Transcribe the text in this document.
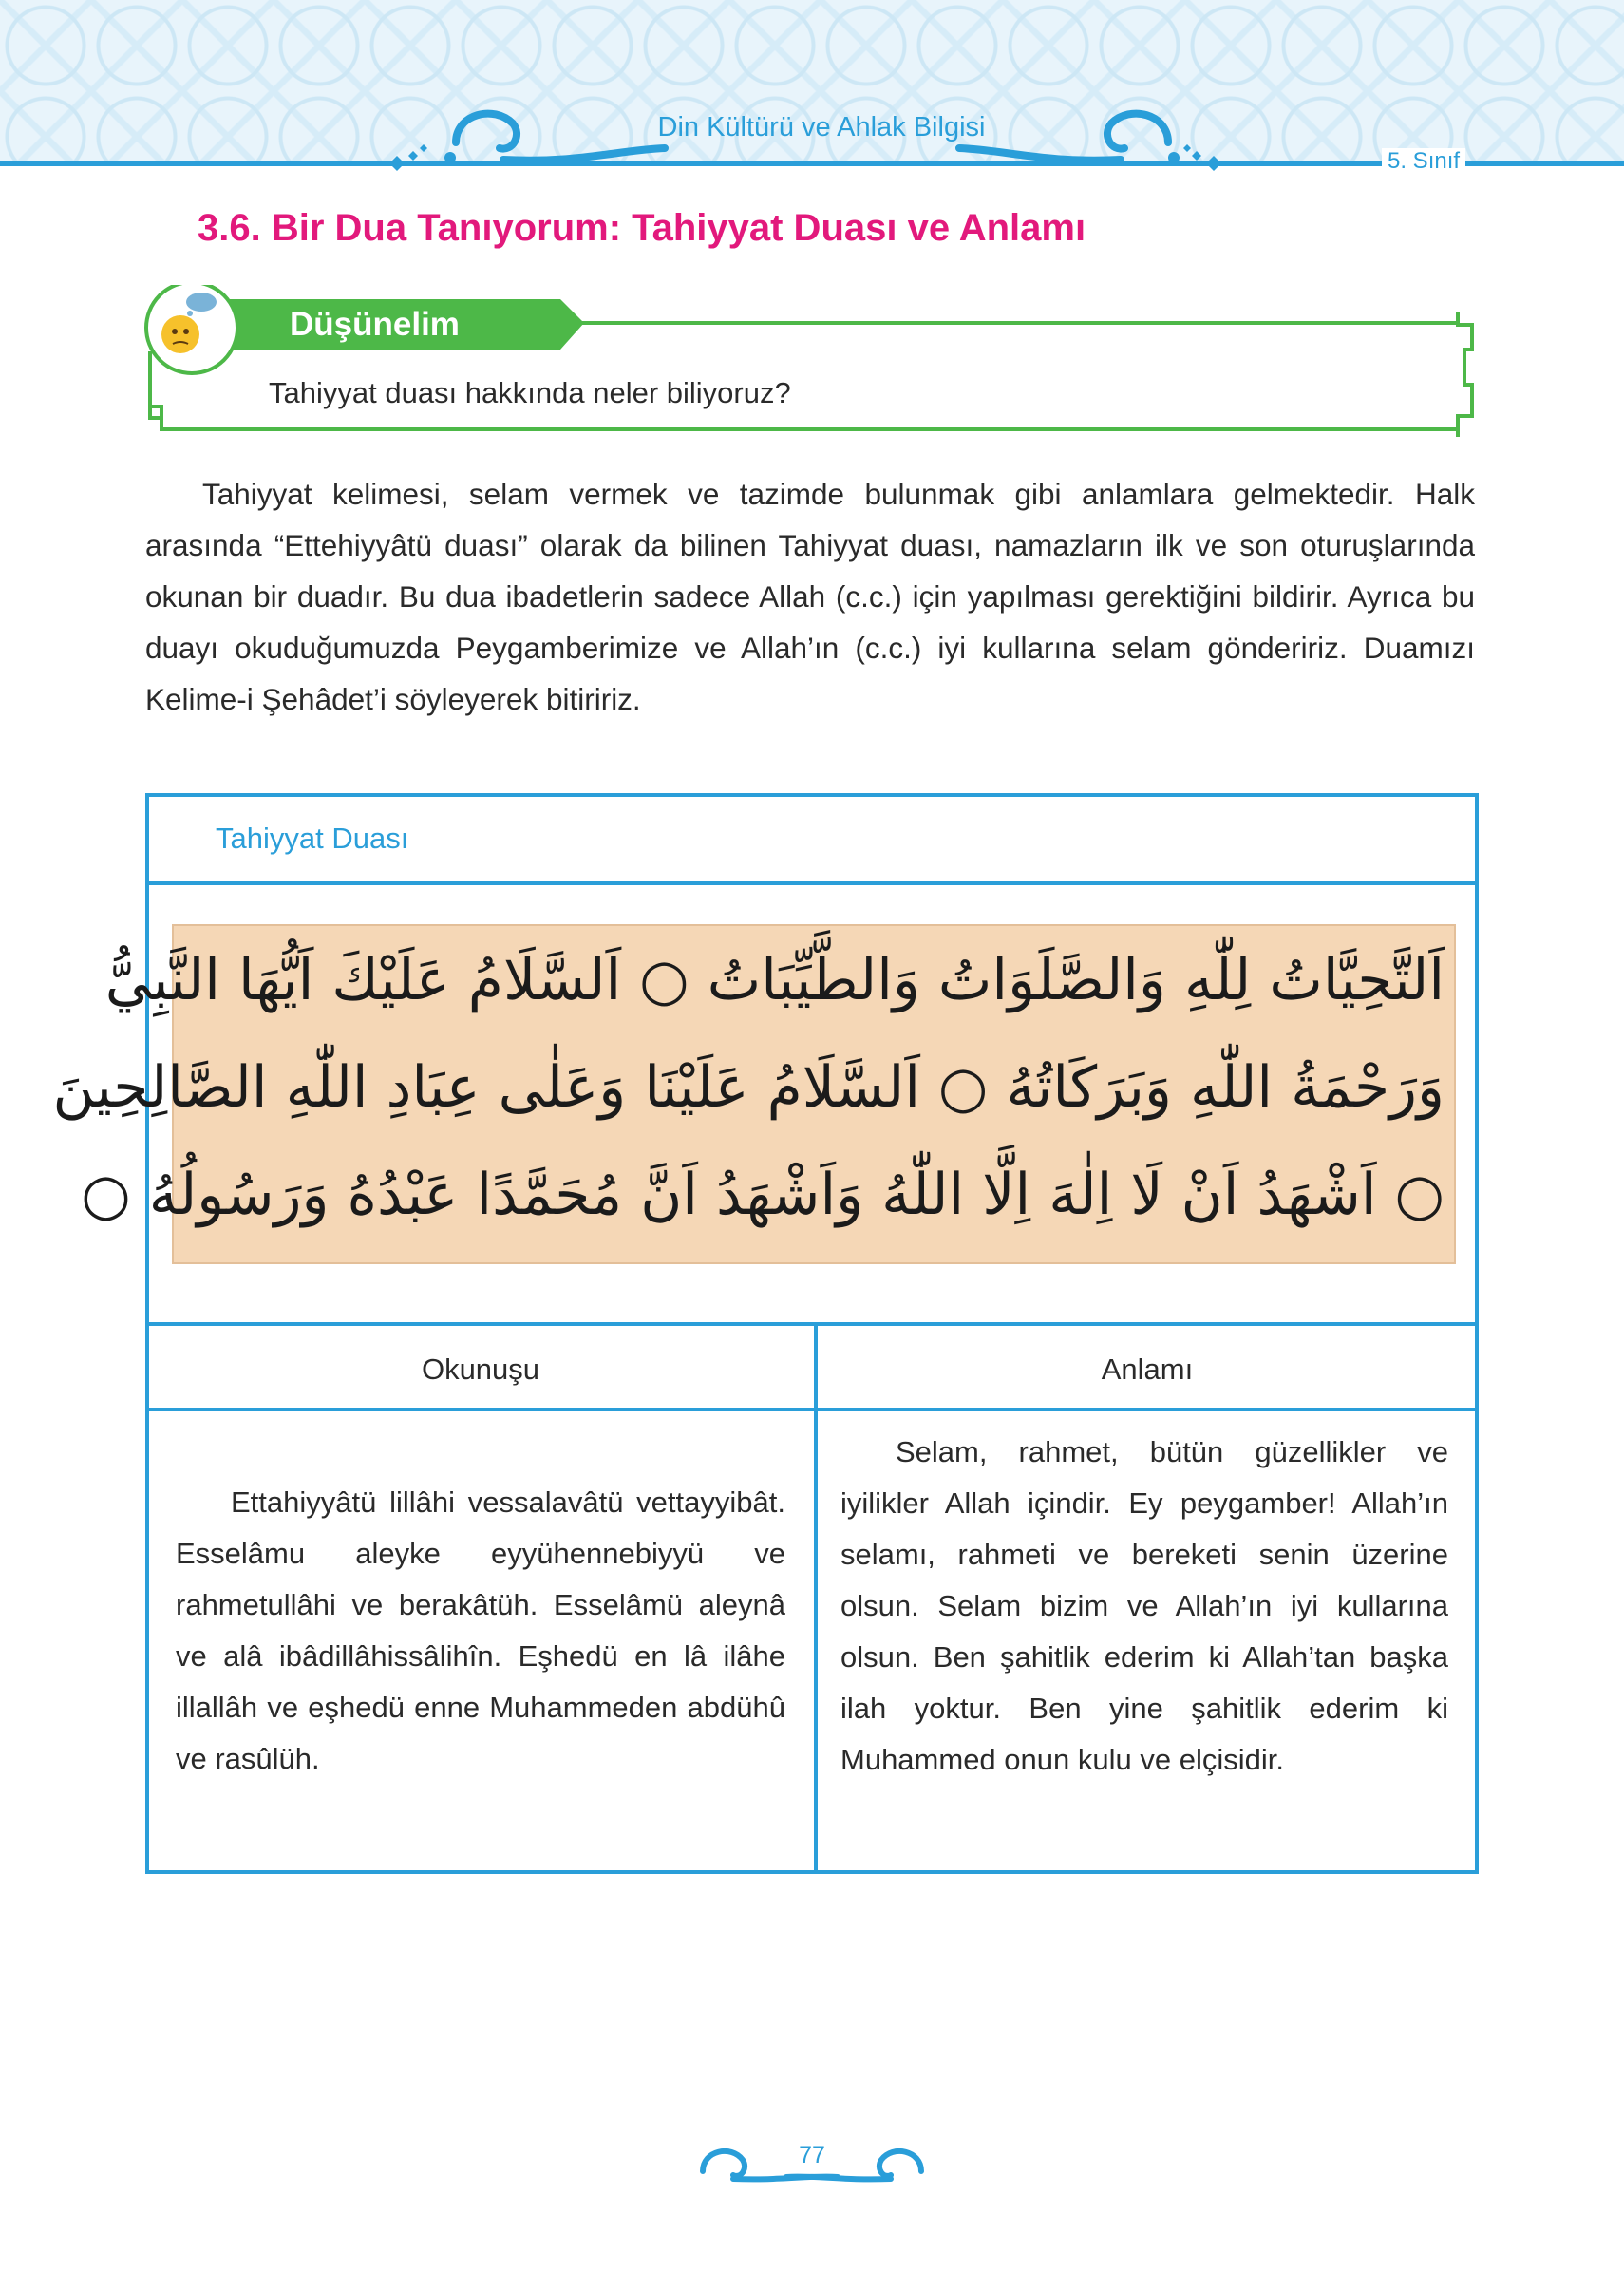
Din Kültürü ve Ahlak Bilgisi
5. Sınıf
3.6. Bir Dua Tanıyorum: Tahiyyat Duası ve Anlamı
Düşünelim
Tahiyyat duası hakkında neler biliyoruz?

Tahiyyat kelimesi, selam vermek ve tazimde bulunmak gibi anlamlara gelmektedir. Halk arasında “Ettehiyyâtü duası” olarak da bilinen Tahiyyat duası, namazların ilk ve son oturuşlarında okunan bir duadır. Bu dua ibadetlerin sadece Allah (c.c.) için yapılması gerektiğini bildirir. Ayrıca bu duayı okuduğumuzda Peygamberimize ve Allah’ın (c.c.) iyi kullarına selam göndeririz. Duamızı Kelime-i Şehâdet’i söyleyerek bitiririz.

Tahiyyat Duası
اَلتَّحِيَّاتُ لِلّٰهِ وَالصَّلَوَاتُ وَالطَّيِّبَاتُ ○ اَلسَّلَامُ عَلَيْكَ اَيُّهَا النَّبِيُّ
وَرَحْمَةُ اللّٰهِ وَبَرَكَاتُهُ ○ اَلسَّلَامُ عَلَيْنَا وَعَلٰى عِبَادِ اللّٰهِ الصَّالِحِينَ
○ اَشْهَدُ اَنْ لَا اِلٰهَ اِلَّا اللّٰهُ وَاَشْهَدُ اَنَّ مُحَمَّدًا عَبْدُهُ وَرَسُولُهُ ○
Okunuşu	Anlamı

Ettahiyyâtü lillâhi vessalavâtü vettayyibât. Esselâmu aleyke eyyühennebiyyü ve rahmetullâhi ve berakâtüh. Esselâmü aleynâ ve alâ ibâdillâhissâlihîn. Eşhedü en lâ ilâhe illallâh ve eşhedü enne Muhammeden abdühû ve rasûlüh.

Selam, rahmet, bütün güzellikler ve iyilikler Allah içindir. Ey peygamber! Allah’ın selamı, rahmeti ve bereketi senin üzerine olsun. Selam bizim ve Allah’ın iyi kullarına olsun. Ben şahitlik ederim ki Allah’tan başka ilah yoktur. Ben yine şahitlik ederim ki Muhammed onun kulu ve elçisidir.

77
